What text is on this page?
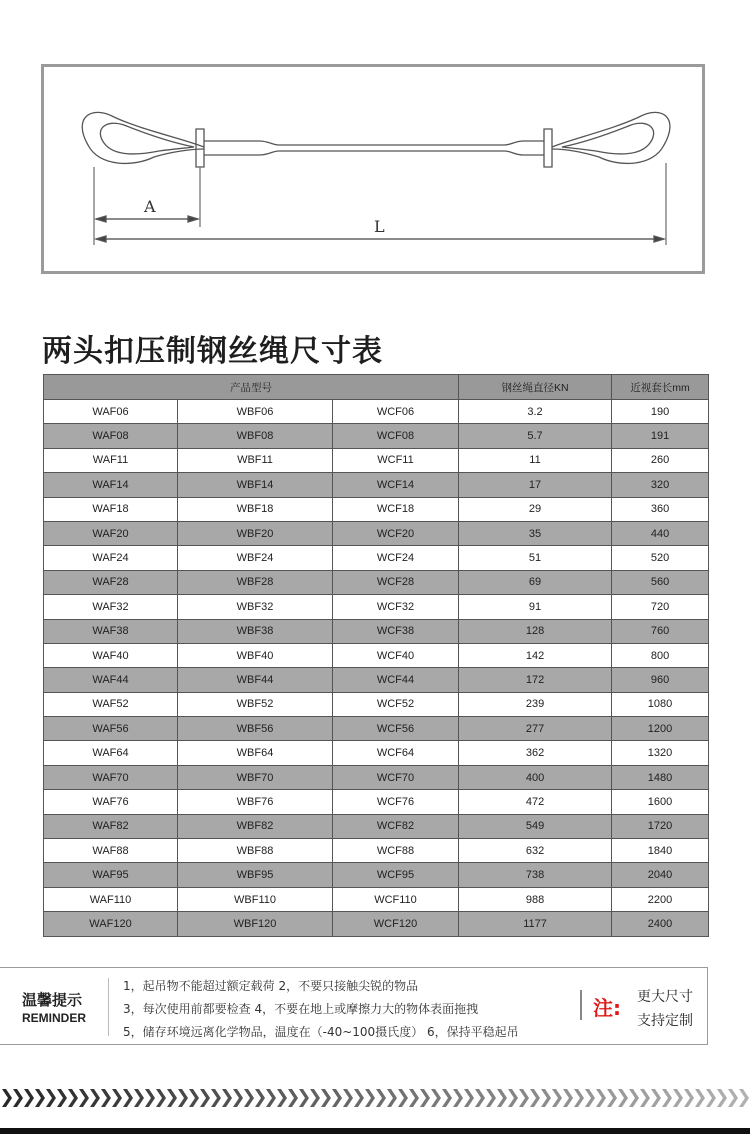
A
L
两头扣压制钢丝绳尺寸表
产品型号			钢丝绳直径KN	近视套长mm
WAF06	WBF06	WCF06	3.2	190
WAF08	WBF08	WCF08	5.7	191
WAF11	WBF11	WCF11	11	260
WAF14	WBF14	WCF14	17	320
WAF18	WBF18	WCF18	29	360
WAF20	WBF20	WCF20	35	440
WAF24	WBF24	WCF24	51	520
WAF28	WBF28	WCF28	69	560
WAF32	WBF32	WCF32	91	720
WAF38	WBF38	WCF38	128	760
WAF40	WBF40	WCF40	142	800
WAF44	WBF44	WCF44	172	960
WAF52	WBF52	WCF52	239	1080
WAF56	WBF56	WCF56	277	1200
WAF64	WBF64	WCF64	362	1320
WAF70	WBF70	WCF70	400	1480
WAF76	WBF76	WCF76	472	1600
WAF82	WBF82	WCF82	549	1720
WAF88	WBF88	WCF88	632	1840
WAF95	WBF95	WCF95	738	2040
WAF110	WBF110	WCF110	988	2200
WAF120	WBF120	WCF120	1177	2400
温馨提示
REMINDER
1，起吊物不能超过额定载荷 2，不要只接触尖锐的物品
3，每次使用前都要检查 4，不要在地上或摩擦力大的物体表面拖拽
5，储存环境远离化学物品，温度在（-40~100摄氏度） 6，保持平稳起吊
注: 更大尺寸
支持定制
